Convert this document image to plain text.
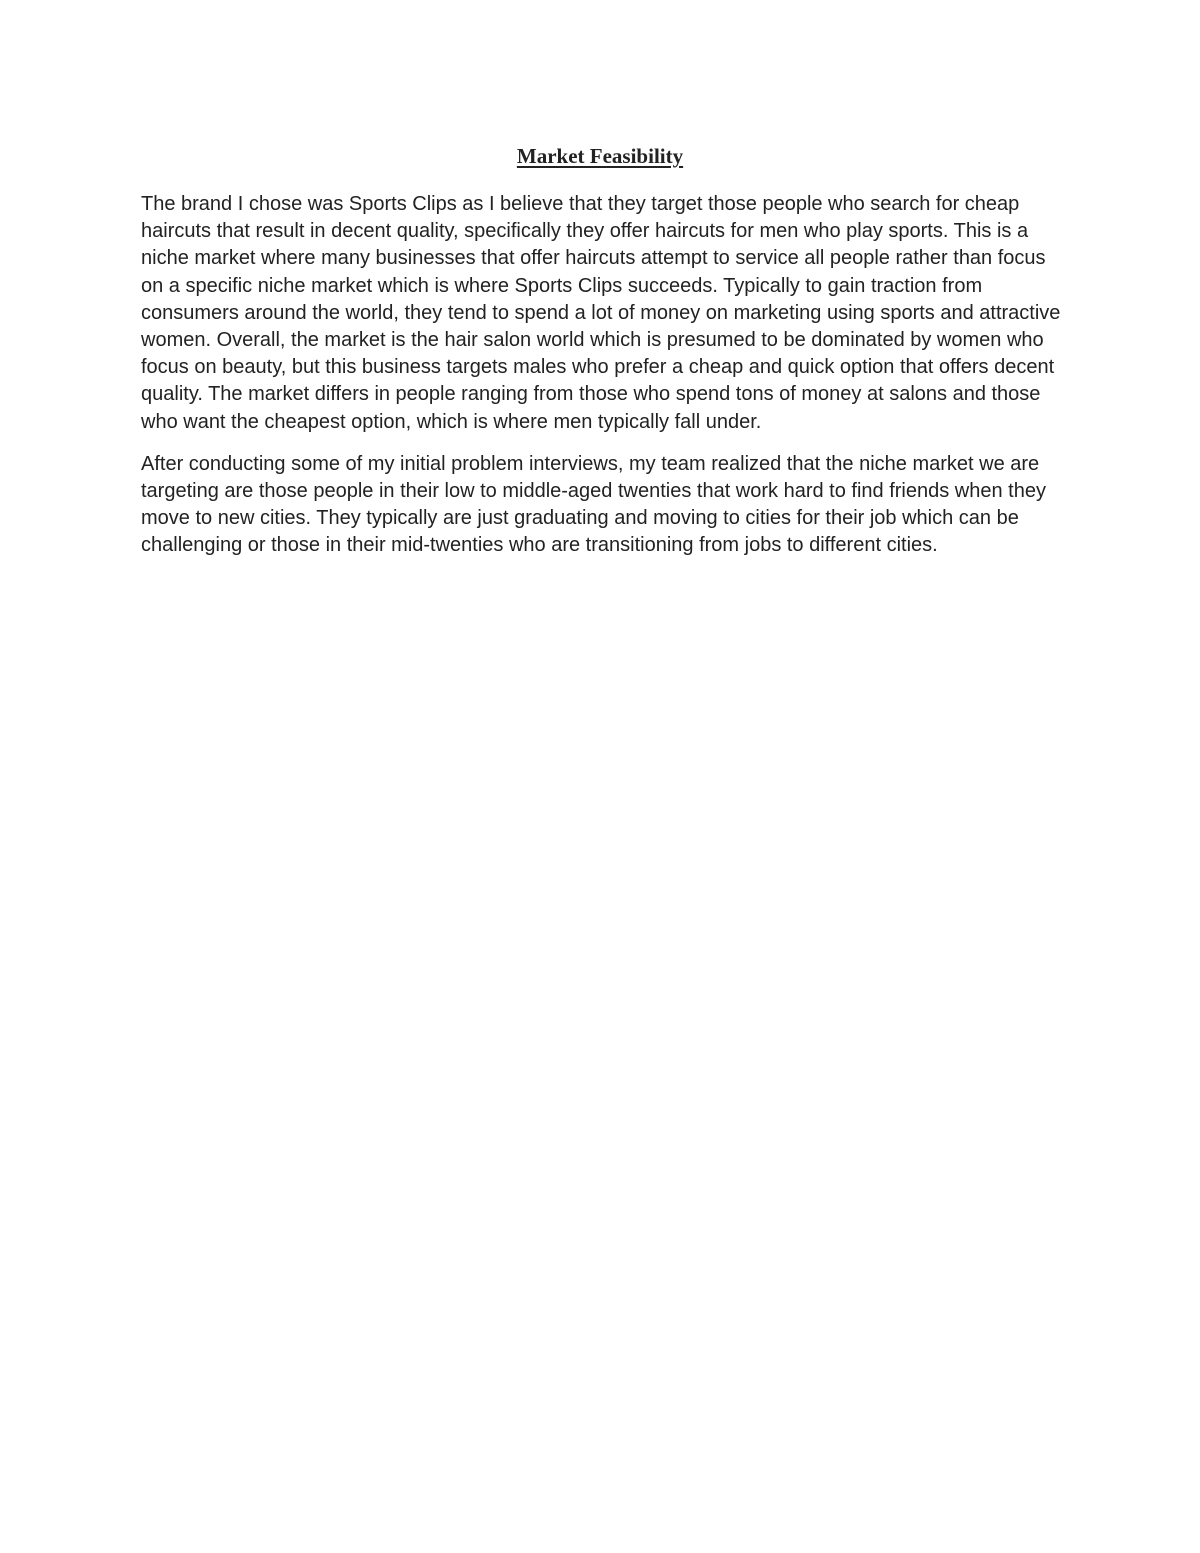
Market Feasibility

The brand I chose was Sports Clips as I believe that they target those people who search for cheap haircuts that result in decent quality, specifically they offer haircuts for men who play sports. This is a niche market where many businesses that offer haircuts attempt to service all people rather than focus on a specific niche market which is where Sports Clips succeeds. Typically to gain traction from consumers around the world, they tend to spend a lot of money on marketing using sports and attractive women. Overall, the market is the hair salon world which is presumed to be dominated by women who focus on beauty, but this business targets males who prefer a cheap and quick option that offers decent quality. The market differs in people ranging from those who spend tons of money at salons and those who want the cheapest option, which is where men typically fall under.

After conducting some of my initial problem interviews, my team realized that the niche market we are targeting are those people in their low to middle-aged twenties that work hard to find friends when they move to new cities. They typically are just graduating and moving to cities for their job which can be challenging or those in their mid-twenties who are transitioning from jobs to different cities.
